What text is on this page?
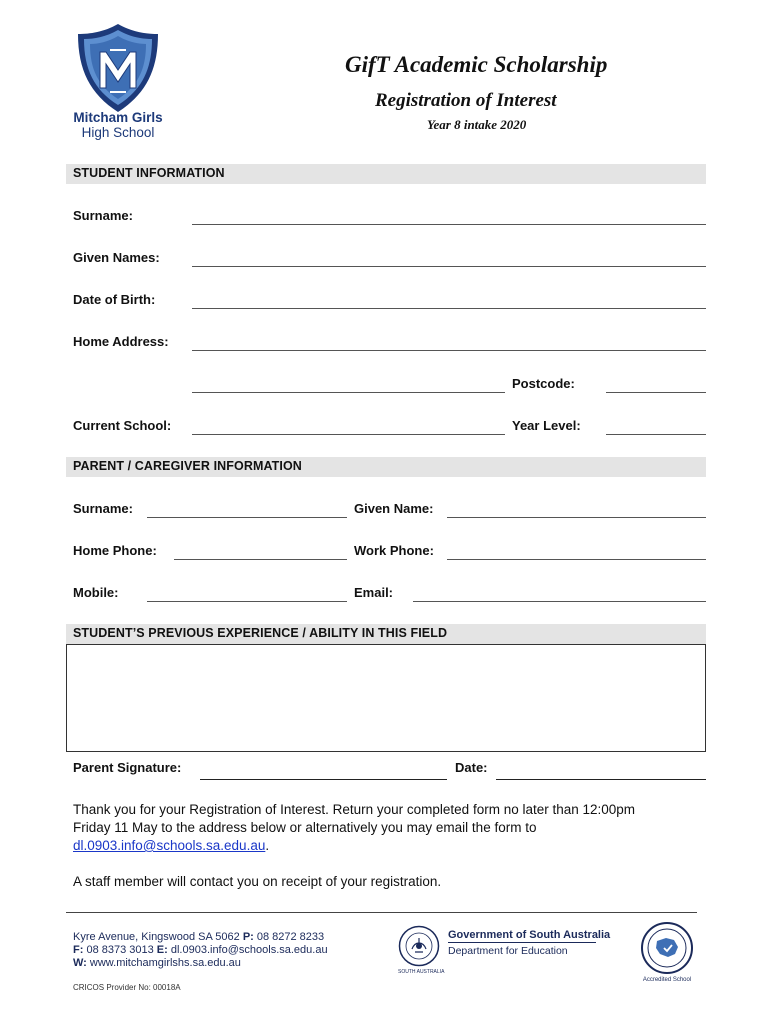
Mitcham Girls
High School
GifT Academic Scholarship
Registration of Interest
Year 8 intake 2020
STUDENT INFORMATION
Surname:
Given Names:
Date of Birth:
Home Address:
Postcode:
Current School:	Year Level:
PARENT / CAREGIVER INFORMATION
Surname:	Given Name:
Home Phone:	Work Phone:
Mobile:	Email:
STUDENT’S PREVIOUS EXPERIENCE / ABILITY IN THIS FIELD
Parent Signature:	Date:
Thank you for your Registration of Interest. Return your completed form no later than 12:00pm
Friday 11 May to the address below or alternatively you may email the form to
dl.0903.info@schools.sa.edu.au.
A staff member will contact you on receipt of your registration.
Kyre Avenue, Kingswood SA 5062 P: 08 8272 8233
F: 08 8373 3013 E: dl.0903.info@schools.sa.edu.au
W: www.mitchamgirlshs.sa.edu.au
CRICOS Provider No: 00018A
SOUTH AUSTRALIA
Government of South Australia
Department for Education
Accredited School
